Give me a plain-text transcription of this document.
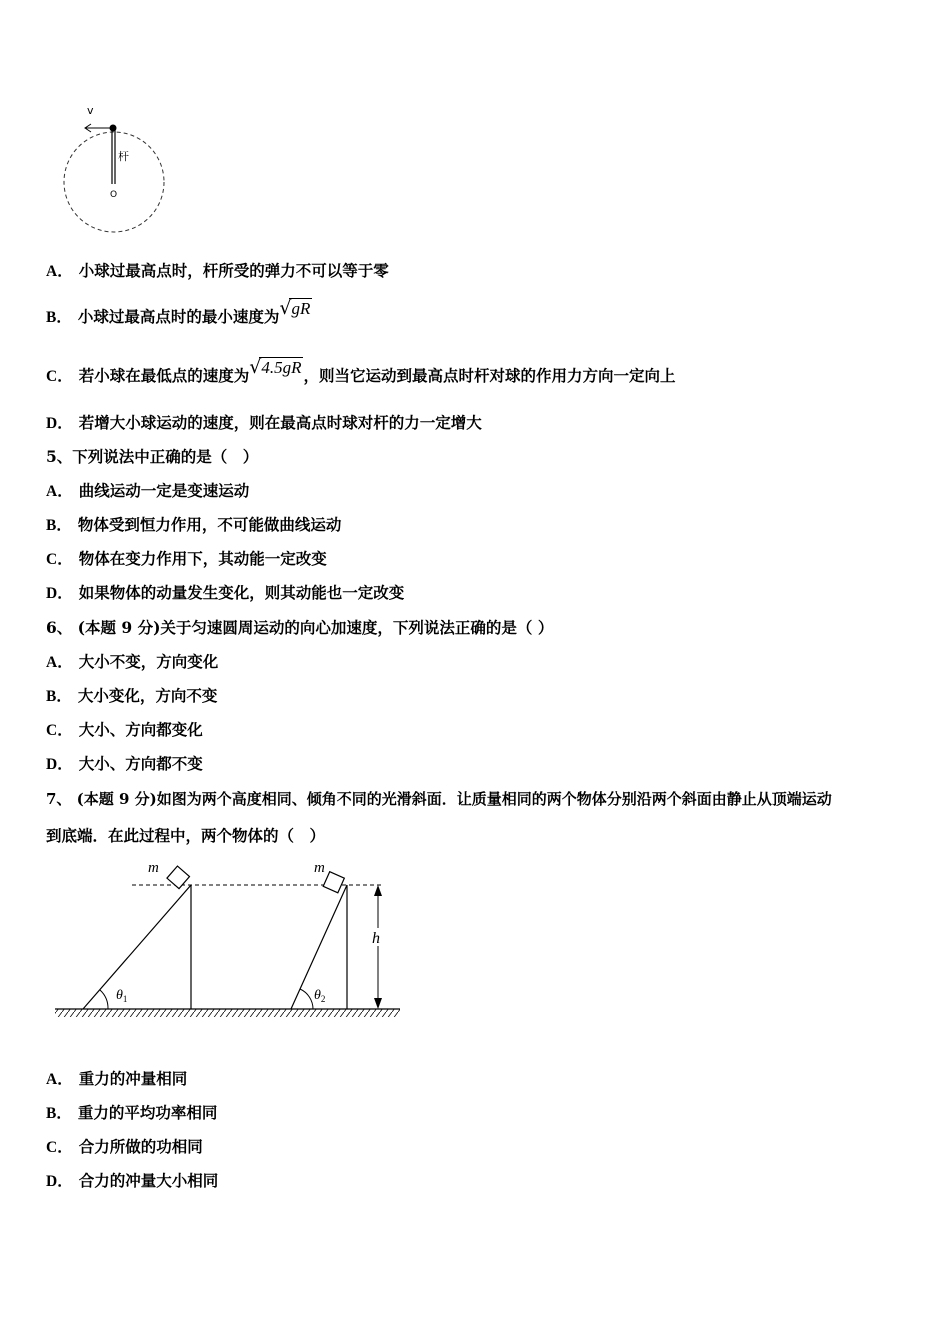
v
杆
O
A． 小球过最高点时，杆所受的弹力不可以等于零
B． 小球过最高点时的最小速度为√gR
C． 若小球在最低点的速度为√4.5gR ，则当它运动到最高点时杆对球的作用力方向一定向上
D． 若增大小球运动的速度，则在最高点时球对杆的力一定增大
5、下列说法中正确的是（　）
A． 曲线运动一定是变速运动
B． 物体受到恒力作用，不可能做曲线运动
C． 物体在变力作用下，其动能一定改变
D． 如果物体的动量发生变化，则其动能也一定改变
6、 (本题 9 分)关于匀速圆周运动的向心加速度，下列说法正确的是（ ）
A． 大小不变，方向变化
B． 大小变化，方向不变
C． 大小、方向都变化
D． 大小、方向都不变
7、 (本题 9 分)如图为两个高度相同、倾角不同的光滑斜面．让质量相同的两个物体分别沿两个斜面由静止从顶端运动
到底端．在此过程中，两个物体的（　）
m	m
h
$\theta_1$	$\theta_2$
A． 重力的冲量相同
B． 重力的平均功率相同
C． 合力所做的功相同
D． 合力的冲量大小相同
